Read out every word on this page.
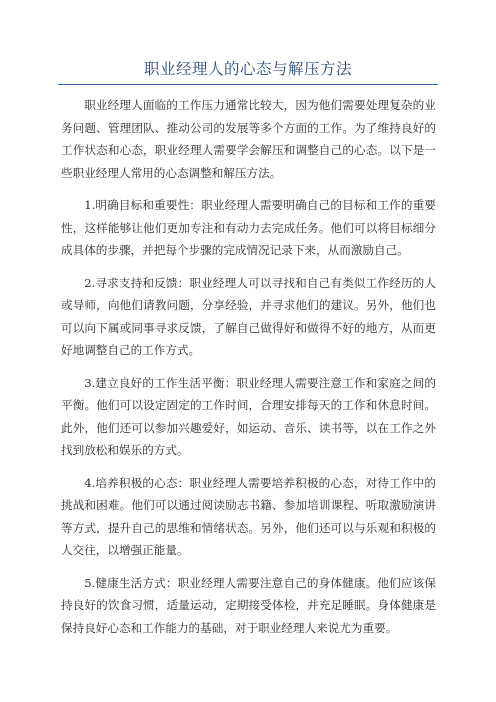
职业经理人的心态与解压方法

职业经理人面临的工作压力通常比较大，因为他们需要处理复杂的业务问题、管理团队、推动公司的发展等多个方面的工作。为了维持良好的工作状态和心态，职业经理人需要学会解压和调整自己的心态。以下是一些职业经理人常用的心态调整和解压方法。

1.明确目标和重要性：职业经理人需要明确自己的目标和工作的重要性，这样能够让他们更加专注和有动力去完成任务。他们可以将目标细分成具体的步骤，并把每个步骤的完成情况记录下来，从而激励自己。

2.寻求支持和反馈：职业经理人可以寻找和自己有类似工作经历的人或导师，向他们请教问题，分享经验，并寻求他们的建议。另外，他们也可以向下属或同事寻求反馈，了解自己做得好和做得不好的地方，从而更好地调整自己的工作方式。

3.建立良好的工作生活平衡：职业经理人需要注意工作和家庭之间的平衡。他们可以设定固定的工作时间，合理安排每天的工作和休息时间。此外，他们还可以参加兴趣爱好，如运动、音乐、读书等，以在工作之外找到放松和娱乐的方式。

4.培养积极的心态：职业经理人需要培养积极的心态，对待工作中的挑战和困难。他们可以通过阅读励志书籍、参加培训课程、听取激励演讲等方式，提升自己的思维和情绪状态。另外，他们还可以与乐观和积极的人交往，以增强正能量。

5.健康生活方式：职业经理人需要注意自己的身体健康。他们应该保持良好的饮食习惯，适量运动，定期接受体检，并充足睡眠。身体健康是保持良好心态和工作能力的基础，对于职业经理人来说尤为重要。
